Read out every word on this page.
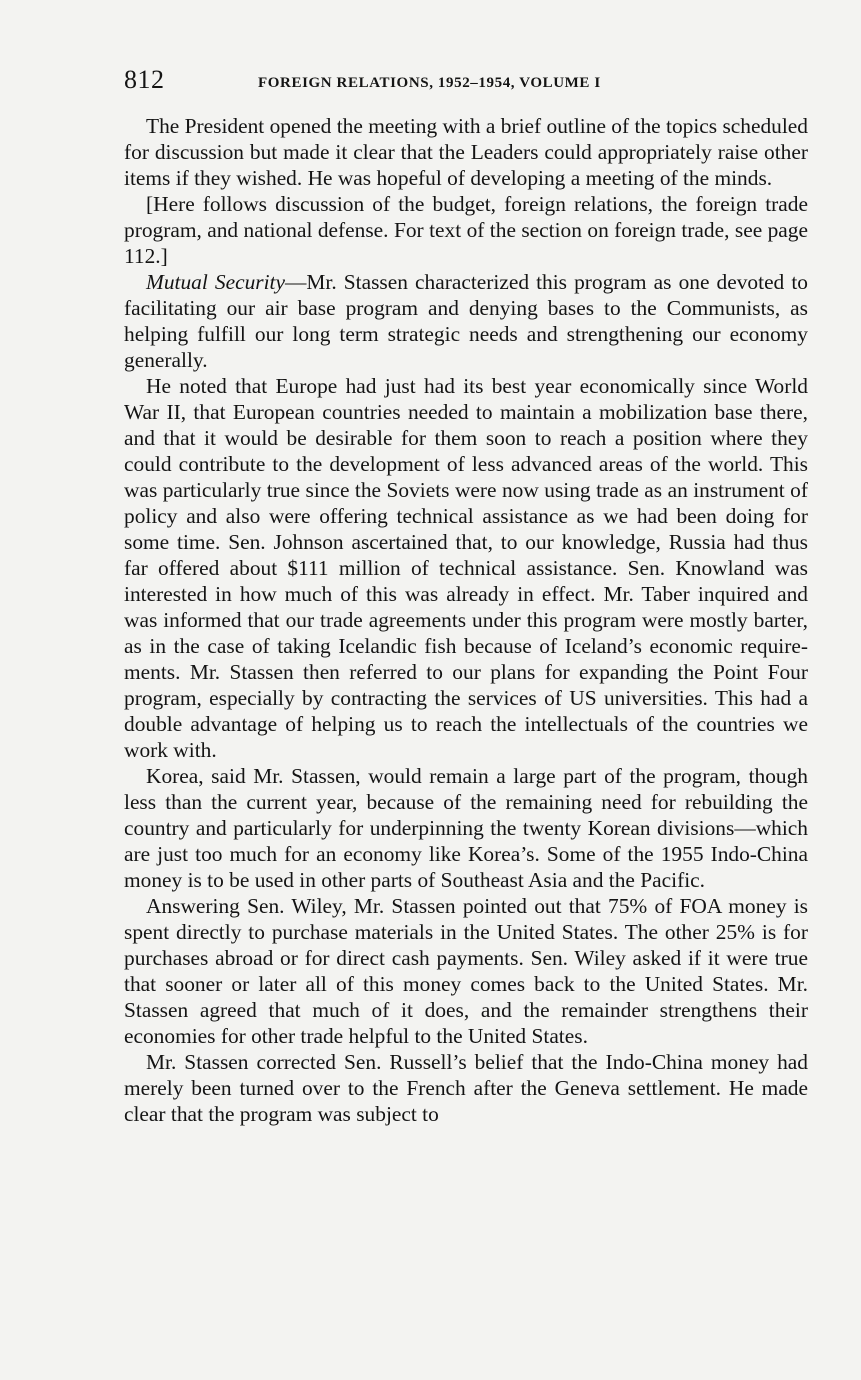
812	FOREIGN RELATIONS, 1952–1954, VOLUME I

The President opened the meeting with a brief outline of the topics scheduled for discussion but made it clear that the Leaders could appropriately raise other items if they wished. He was hopeful of developing a meeting of the minds.

[Here follows discussion of the budget, foreign relations, the foreign trade program, and national defense. For text of the section on foreign trade, see page 112.]

Mutual Security—Mr. Stassen characterized this program as one devoted to facilitating our air base program and denying bases to the Communists, as helping fulfill our long term strategic needs and strengthening our economy generally.

He noted that Europe had just had its best year economically since World War II, that European countries needed to maintain a mobilization base there, and that it would be desirable for them soon to reach a position where they could contribute to the development of less advanced areas of the world. This was particularly true since the Soviets were now using trade as an instrument of policy and also were offering technical assistance as we had been doing for some time. Sen. Johnson ascertained that, to our knowledge, Russia had thus far offered about $111 million of technical assistance. Sen. Knowland was interested in how much of this was already in effect. Mr. Taber inquired and was informed that our trade agreements under this program were mostly barter, as in the case of taking Icelandic fish because of Iceland’s economic requirements. Mr. Stassen then referred to our plans for expanding the Point Four program, especially by contracting the services of US universities. This had a double advantage of helping us to reach the intellectuals of the countries we work with.

Korea, said Mr. Stassen, would remain a large part of the program, though less than the current year, because of the remaining need for rebuilding the country and particularly for underpinning the twenty Korean divisions—which are just too much for an economy like Korea’s. Some of the 1955 Indo-China money is to be used in other parts of Southeast Asia and the Pacific.

Answering Sen. Wiley, Mr. Stassen pointed out that 75% of FOA money is spent directly to purchase materials in the United States. The other 25% is for purchases abroad or for direct cash payments. Sen. Wiley asked if it were true that sooner or later all of this money comes back to the United States. Mr. Stassen agreed that much of it does, and the remainder strengthens their economies for other trade helpful to the United States.

Mr. Stassen corrected Sen. Russell’s belief that the Indo-China money had merely been turned over to the French after the Geneva settlement. He made clear that the program was subject to
